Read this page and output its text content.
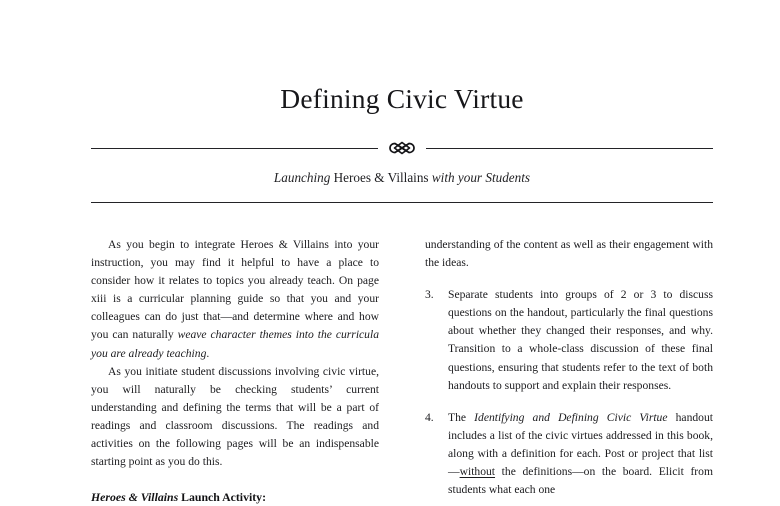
Defining Civic Virtue
Launching Heroes & Villains with your Students

As you begin to integrate Heroes & Villains into your instruction, you may find it helpful to have a place to consider how it relates to topics you already teach. On page xiii is a curricular planning guide so that you and your colleagues can do just that—and determine where and how you can naturally weave character themes into the curricula you are already teaching.

As you initiate student discussions involving civic virtue, you will naturally be checking students’ current understanding and defining the terms that will be a part of readings and classroom discussions. The readings and activities on the following pages will be an indispensable starting point as you do this.

Heroes & Villains Launch Activity:

understanding of the content as well as their engagement with the ideas.

3.	Separate students into groups of 2 or 3 to discuss questions on the handout, particularly the final questions about whether they changed their responses, and why. Transition to a whole-class discussion of these final questions, ensuring that students refer to the text of both handouts to support and explain their responses.
4.	The Identifying and Defining Civic Virtue handout includes a list of the civic virtues addressed in this book, along with a definition for each. Post or project that list—without the definitions—on the board. Elicit from students what each one
